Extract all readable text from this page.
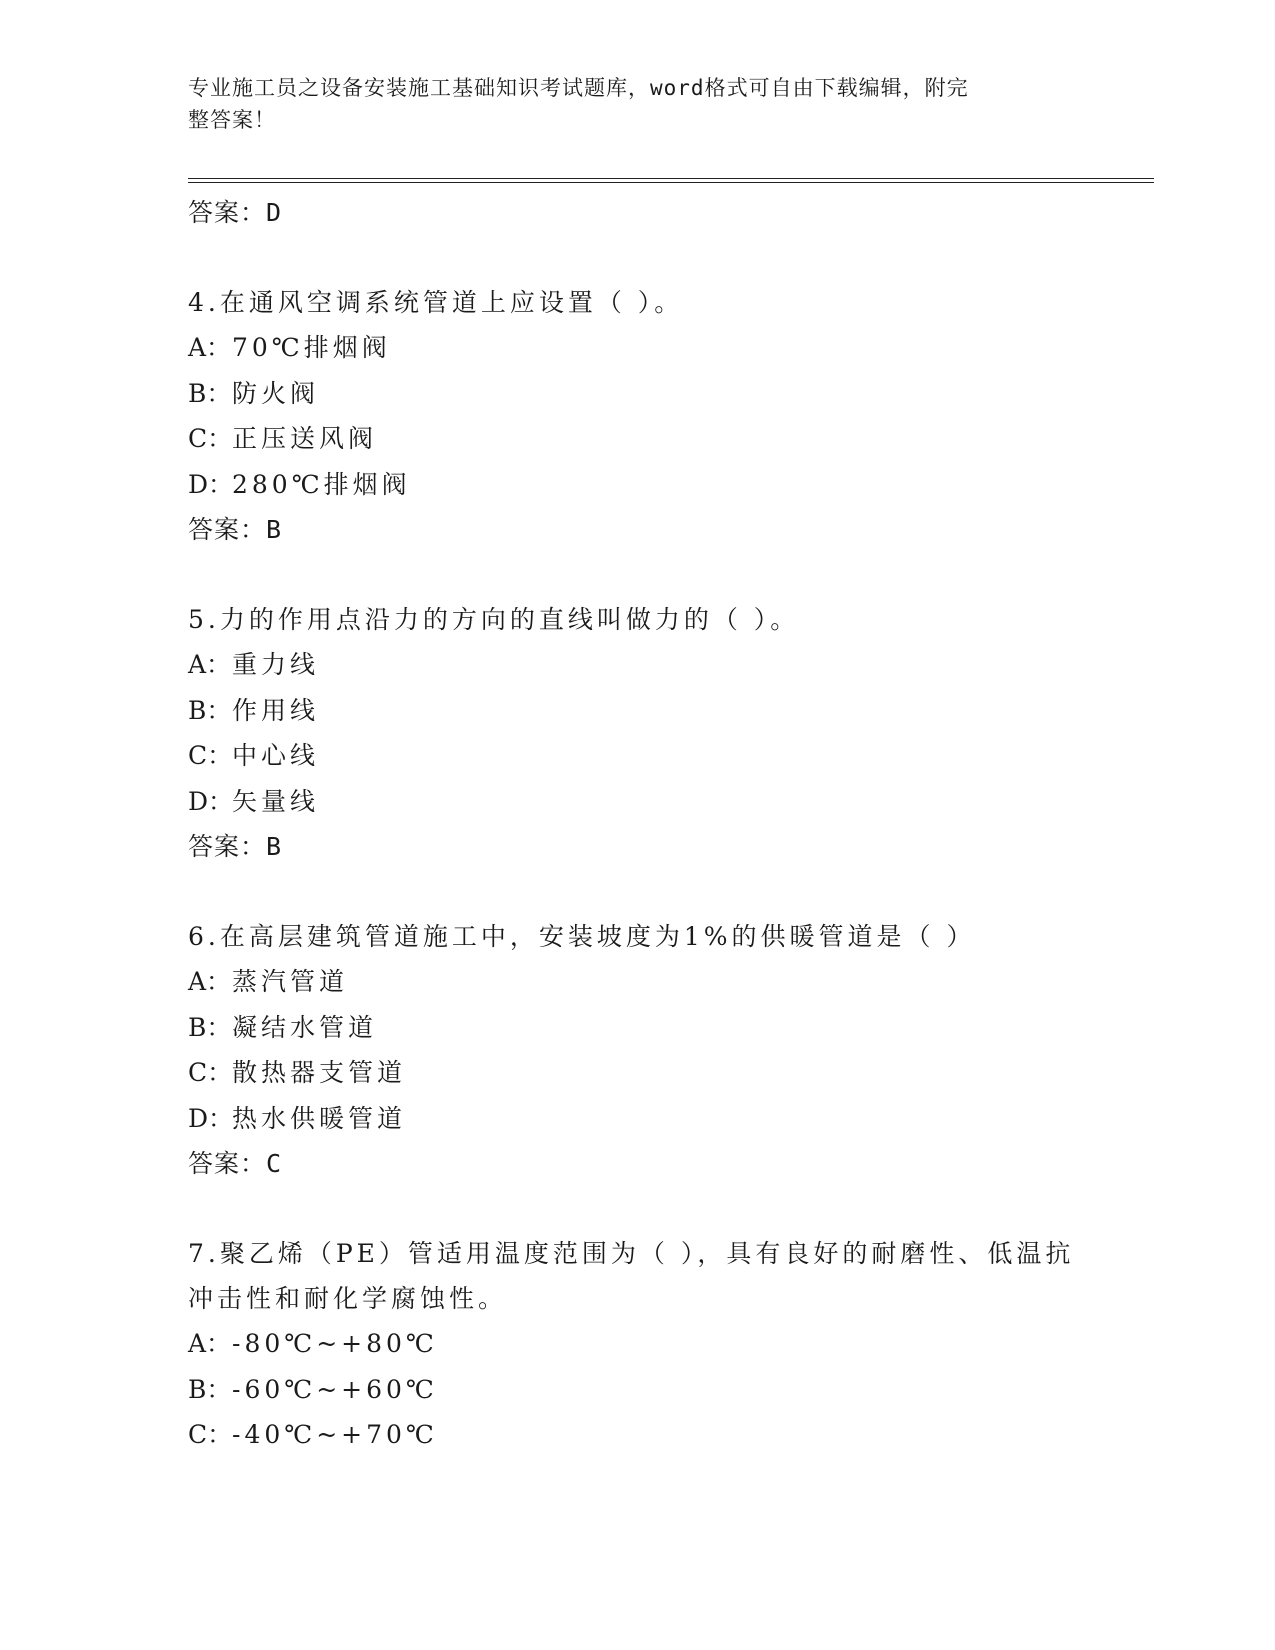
专业施工员之设备安装施工基础知识考试题库，word格式可自由下载编辑，附完
整答案！
答案：D
4.在通风空调系统管道上应设置（ ）。
A：70℃排烟阀
B：防火阀
C：正压送风阀
D：280℃排烟阀
答案：B
5.力的作用点沿力的方向的直线叫做力的（ ）。
A：重力线
B：作用线
C：中心线
D：矢量线
答案：B
6.在高层建筑管道施工中，安装坡度为1%的供暖管道是（ ）
A：蒸汽管道
B：凝结水管道
C：散热器支管道
D：热水供暖管道
答案：C
7.聚乙烯（PE）管适用温度范围为（ ），具有良好的耐磨性、低温抗冲击性和耐化学腐蚀性。
A：-80℃~+80℃
B：-60℃~+60℃
C：-40℃~+70℃
